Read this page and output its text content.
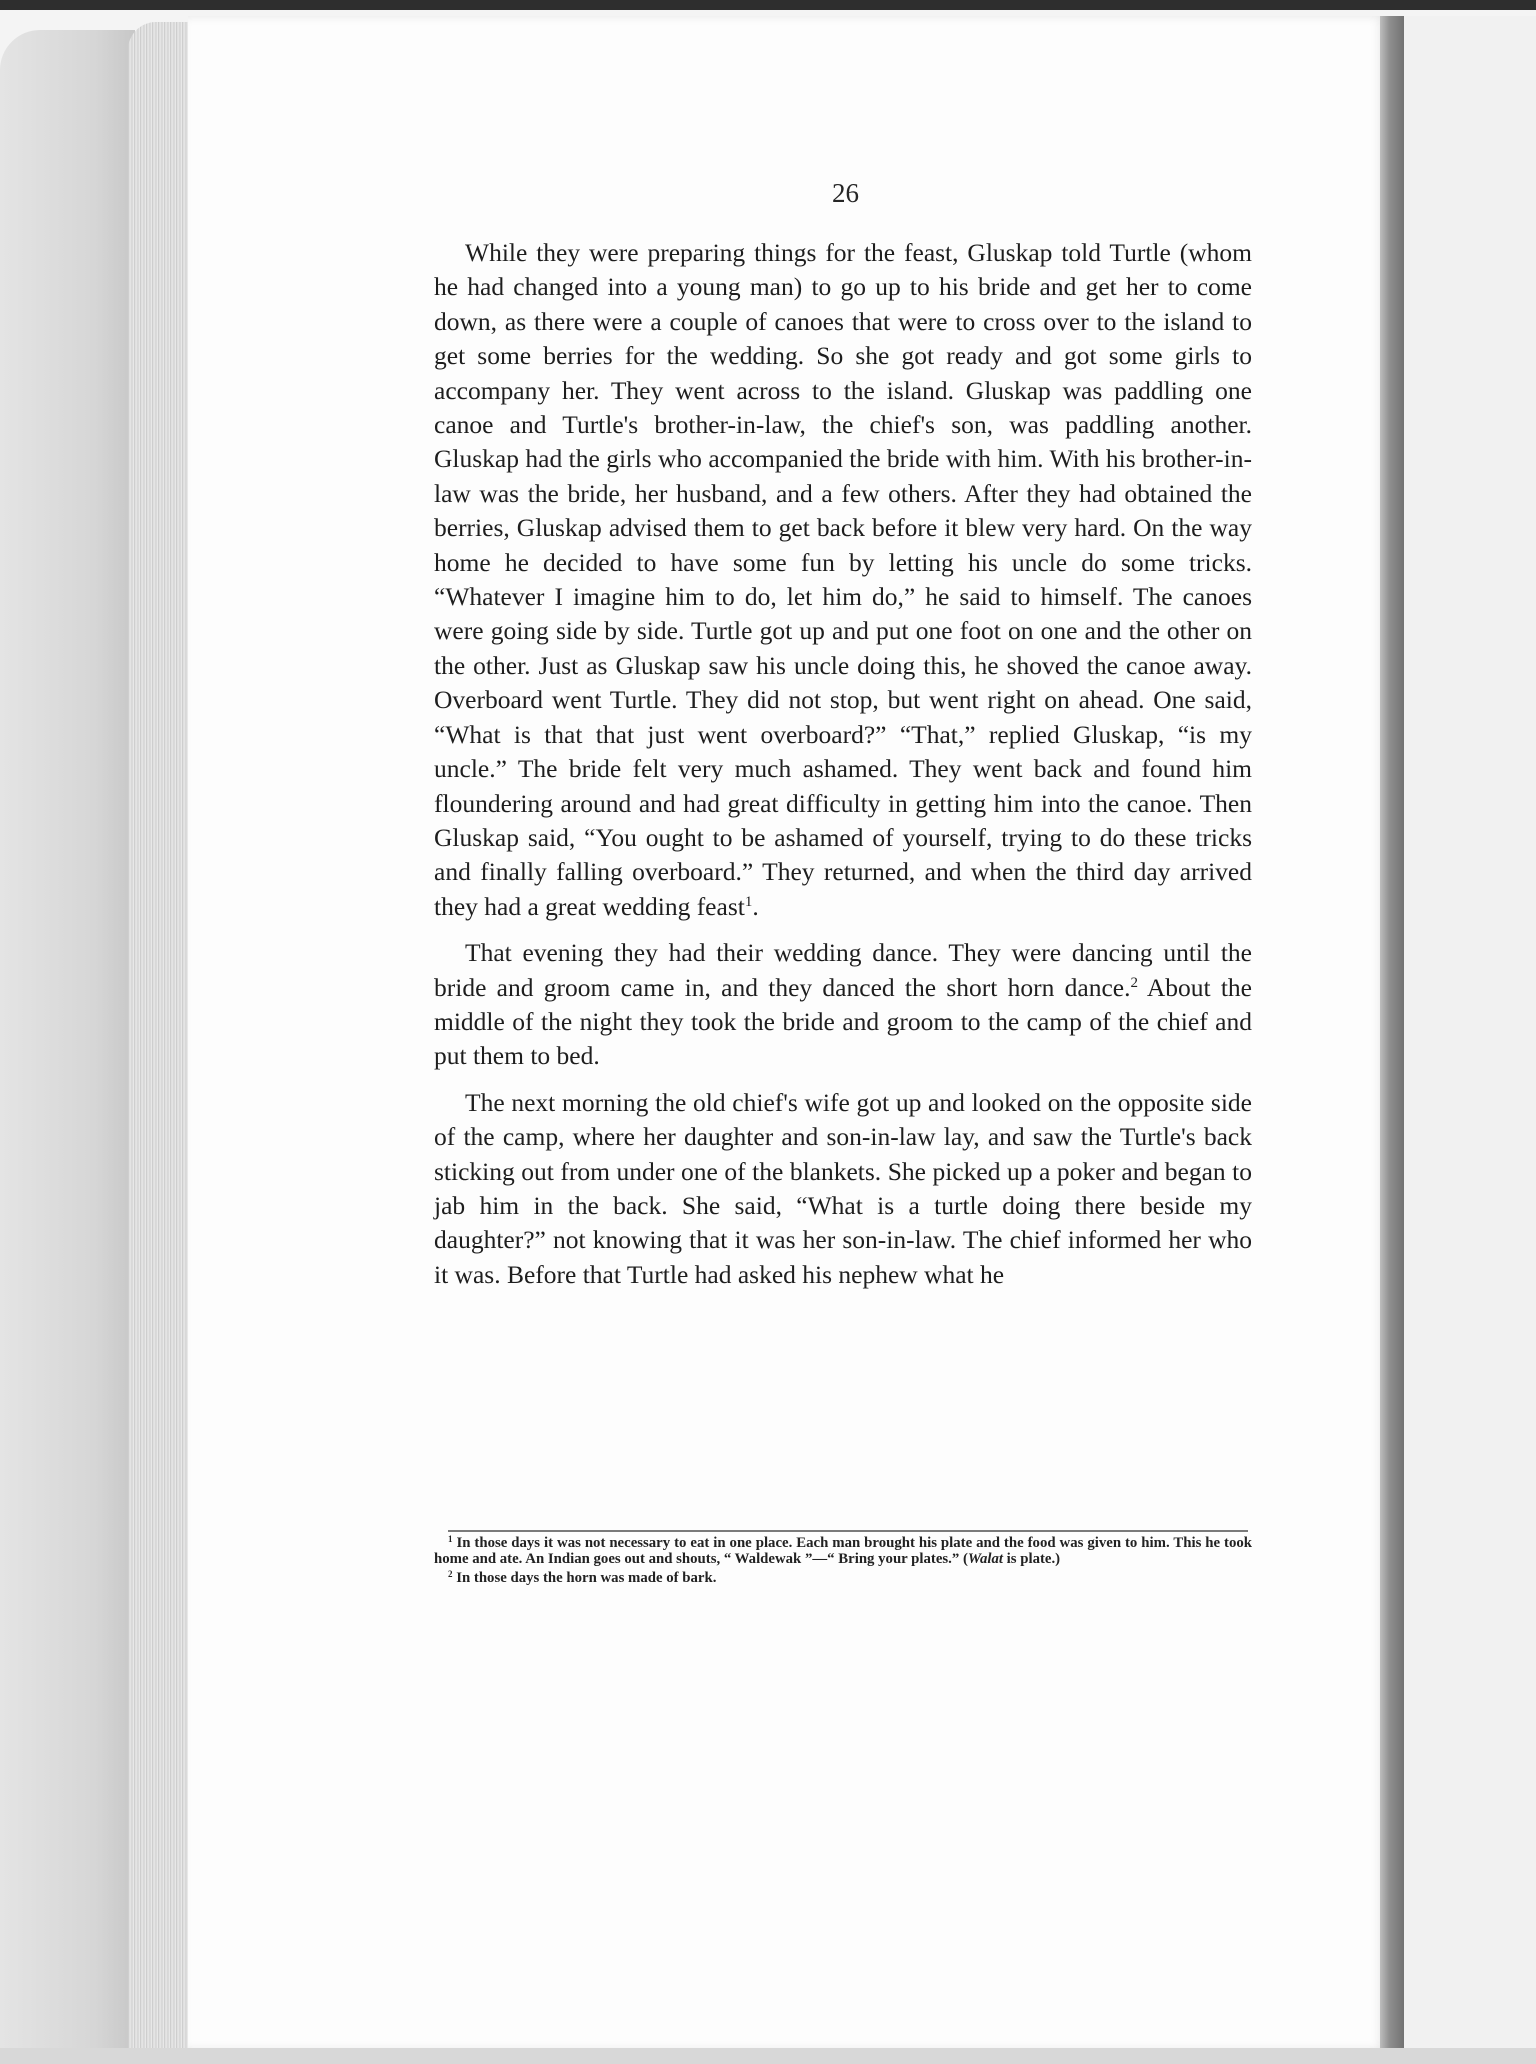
26

While they were preparing things for the feast, Gluskap told Turtle (whom he had changed into a young man) to go up to his bride and get her to come down, as there were a couple of canoes that were to cross over to the island to get some berries for the wedding. So she got ready and got some girls to accompany her. They went across to the island. Gluskap was paddling one canoe and Turtle's brother-in-law, the chief's son, was paddling another. Gluskap had the girls who accompanied the bride with him. With his brother-in-law was the bride, her husband, and a few others. After they had obtained the berries, Gluskap advised them to get back before it blew very hard. On the way home he decided to have some fun by letting his uncle do some tricks. “Whatever I imagine him to do, let him do,” he said to himself. The canoes were going side by side. Turtle got up and put one foot on one and the other on the other. Just as Gluskap saw his uncle doing this, he shoved the canoe away. Overboard went Turtle. They did not stop, but went right on ahead. One said, “What is that that just went overboard?” “That,” replied Gluskap, “is my uncle.” The bride felt very much ashamed. They went back and found him floundering around and had great difficulty in getting him into the canoe. Then Gluskap said, “You ought to be ashamed of yourself, trying to do these tricks and finally falling overboard.” They returned, and when the third day arrived they had a great wedding feast$^1$.

That evening they had their wedding dance. They were dancing until the bride and groom came in, and they danced the short horn dance.$^2$ About the middle of the night they took the bride and groom to the camp of the chief and put them to bed.

The next morning the old chief's wife got up and looked on the opposite side of the camp, where her daughter and son-in-law lay, and saw the Turtle's back sticking out from under one of the blankets. She picked up a poker and began to jab him in the back. She said, “What is a turtle doing there beside my daughter?” not knowing that it was her son-in-law. The chief informed her who it was. Before that Turtle had asked his nephew what he

$^1$ In those days it was not necessary to eat in one place. Each man brought his plate and the food was given to him. This he took home and ate. An Indian goes out and shouts, “ Waldewak ”—“ Bring your plates.” (Walat is plate.)

$^2$ In those days the horn was made of bark.
